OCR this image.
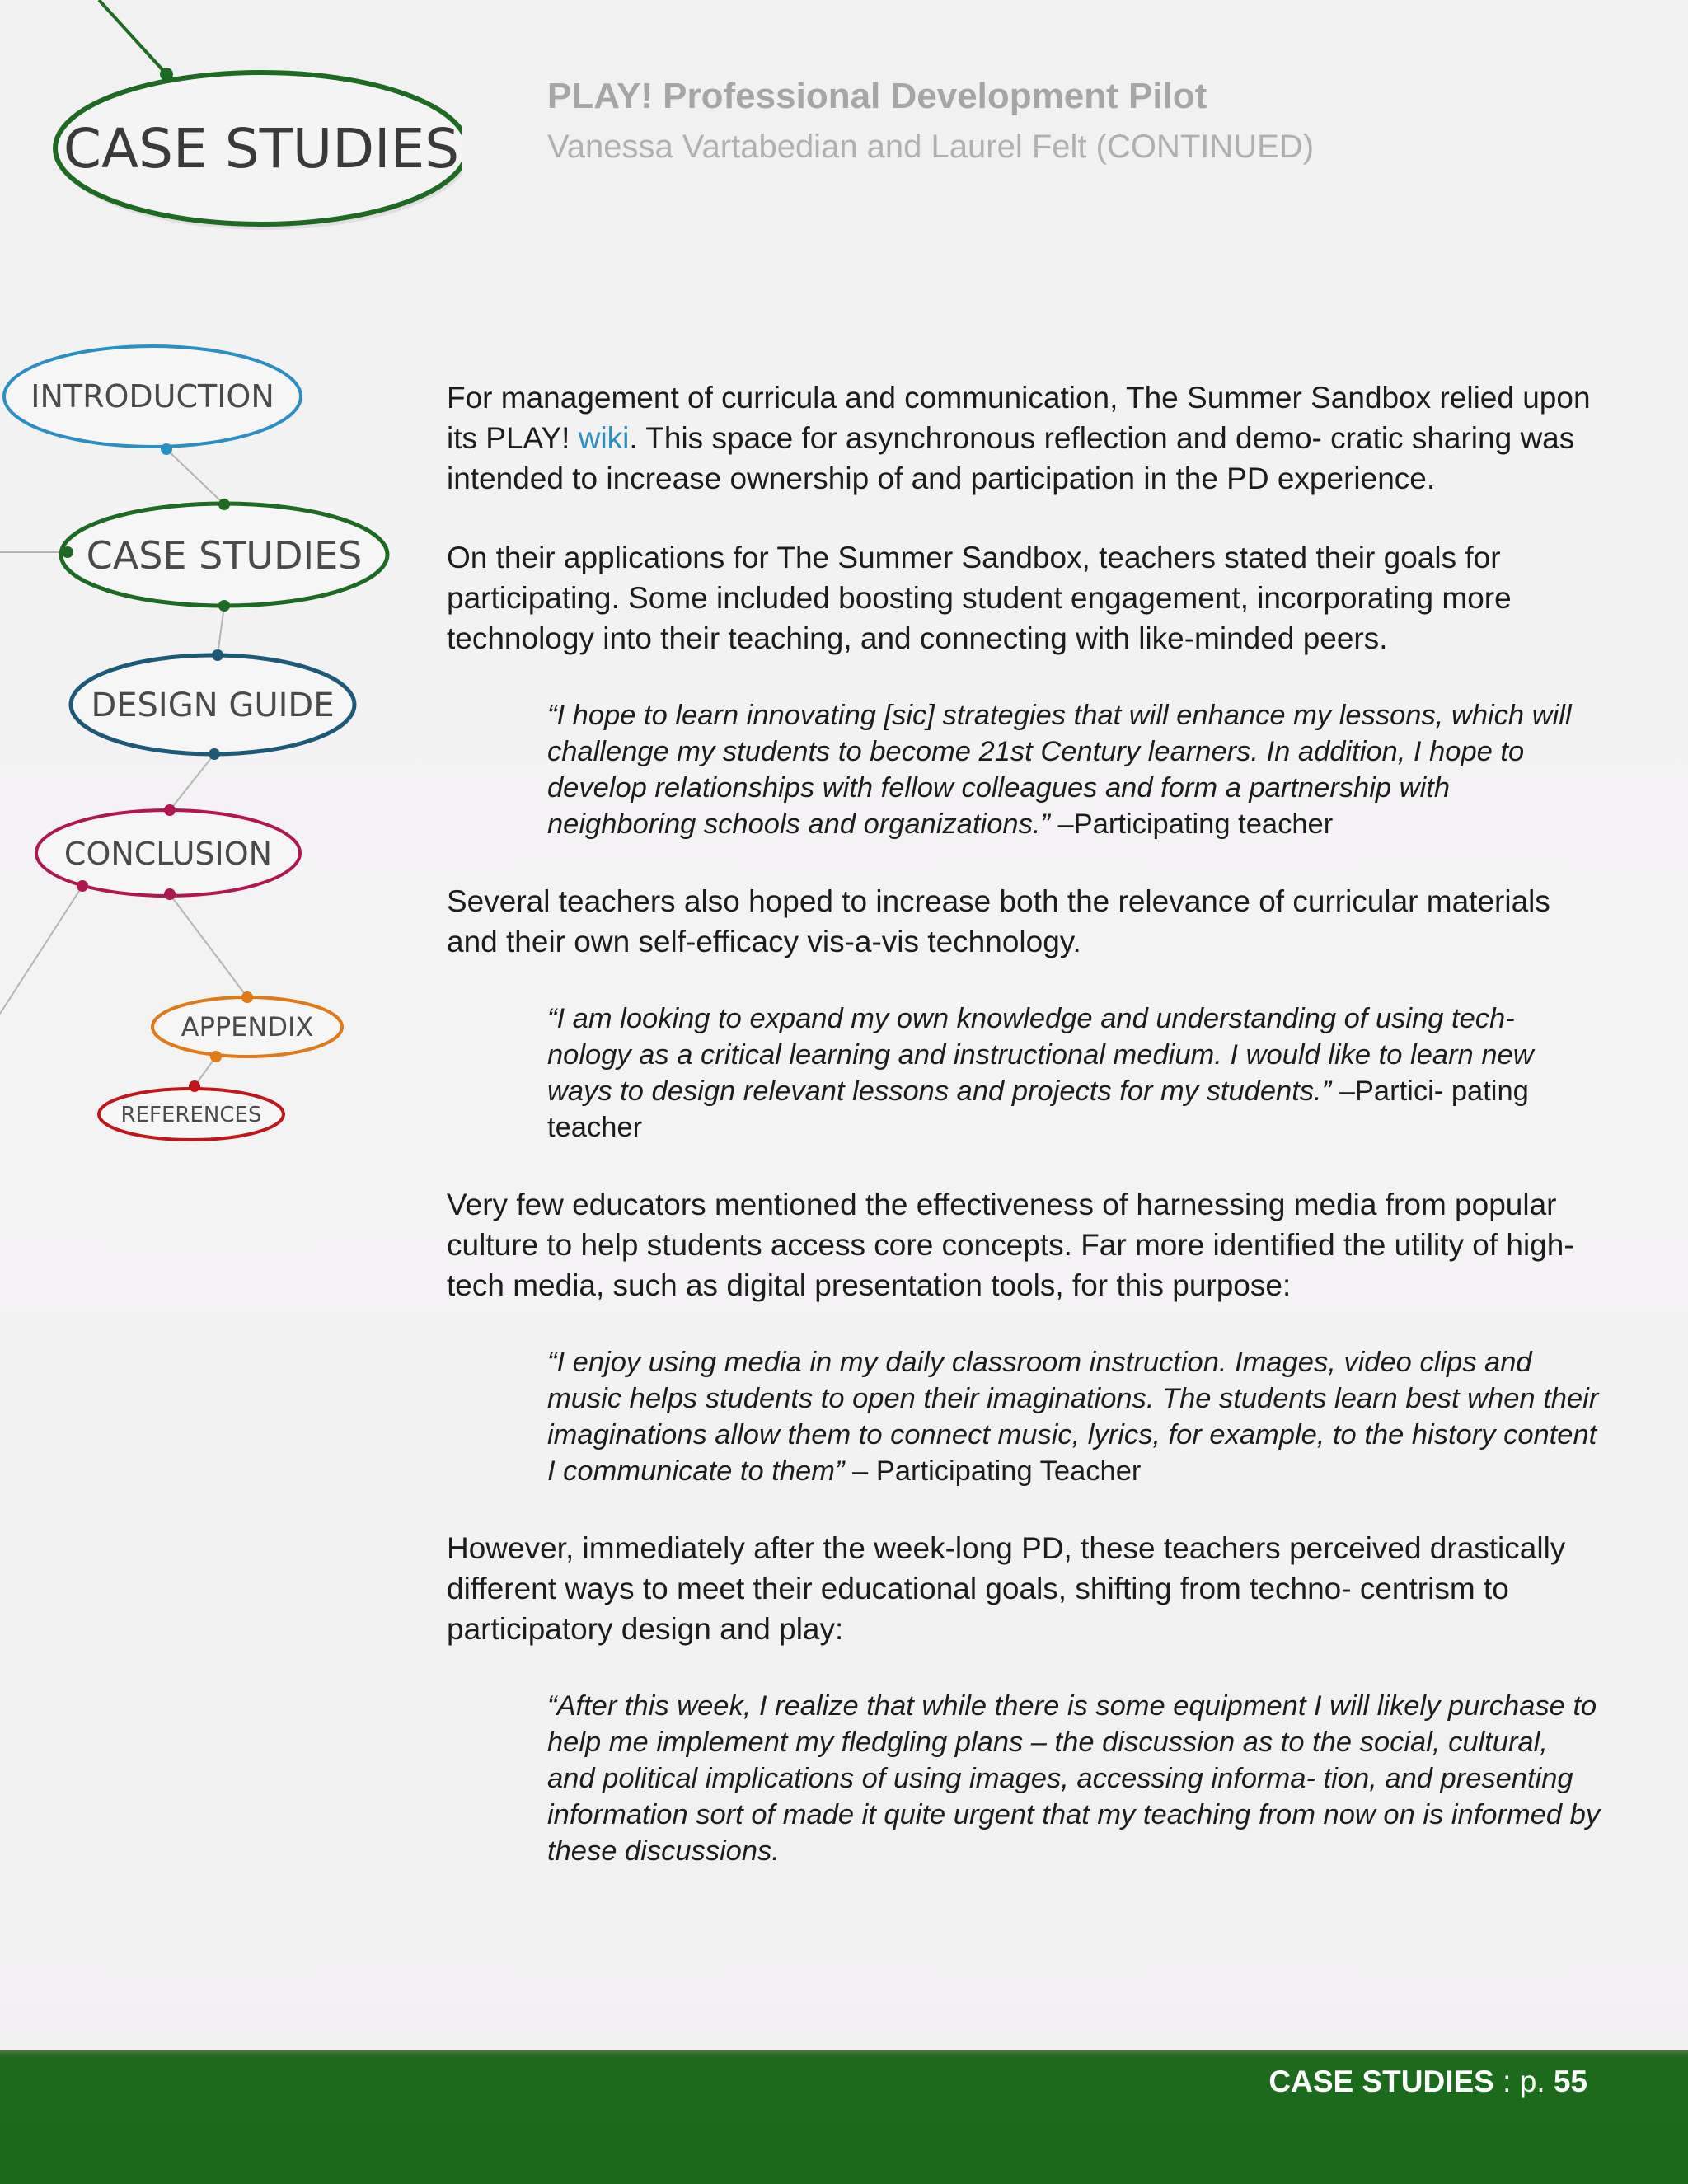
CASE STUDIES
INTRODUCTION
CASE STUDIES
DESIGN GUIDE
CONCLUSION
APPENDIX
REFERENCES
PLAY! Professional Development Pilot
Vanessa Vartabedian and Laurel Felt (CONTINUED)

For management of curricula and communication, The Summer Sandbox relied upon its PLAY! wiki. This space for asynchronous reflection and demo- cratic sharing was intended to increase ownership of and participation in the PD experience.

On their applications for The Summer Sandbox, teachers stated their goals for participating. Some included boosting student engagement, incorporating more technology into their teaching, and connecting with like-minded peers.

“I hope to learn innovating [sic] strategies that will enhance my lessons, which will challenge my students to become 21st Century learners. In addition, I hope to develop relationships with fellow colleagues and form a partnership with neighboring schools and organizations.” –Participating teacher

Several teachers also hoped to increase both the relevance of curricular materials and their own self-efficacy vis-a-vis technology.

“I am looking to expand my own knowledge and understanding of using tech- nology as a critical learning and instructional medium. I would like to learn new ways to design relevant lessons and projects for my students.” –Partici- pating teacher

Very few educators mentioned the effectiveness of harnessing media from popular culture to help students access core concepts. Far more identified the utility of high-tech media, such as digital presentation tools, for this purpose:

“I enjoy using media in my daily classroom instruction. Images, video clips and music helps students to open their imaginations. The students learn best when their imaginations allow them to connect music, lyrics, for example, to the history content I communicate to them” – Participating Teacher

However, immediately after the week-long PD, these teachers perceived drastically different ways to meet their educational goals, shifting from techno- centrism to participatory design and play:

“After this week, I realize that while there is some equipment I will likely purchase to help me implement my fledgling plans – the discussion as to the social, cultural, and political implications of using images, accessing informa- tion, and presenting information sort of made it quite urgent that my teaching from now on is informed by these discussions.

CASE STUDIES : p. 55
